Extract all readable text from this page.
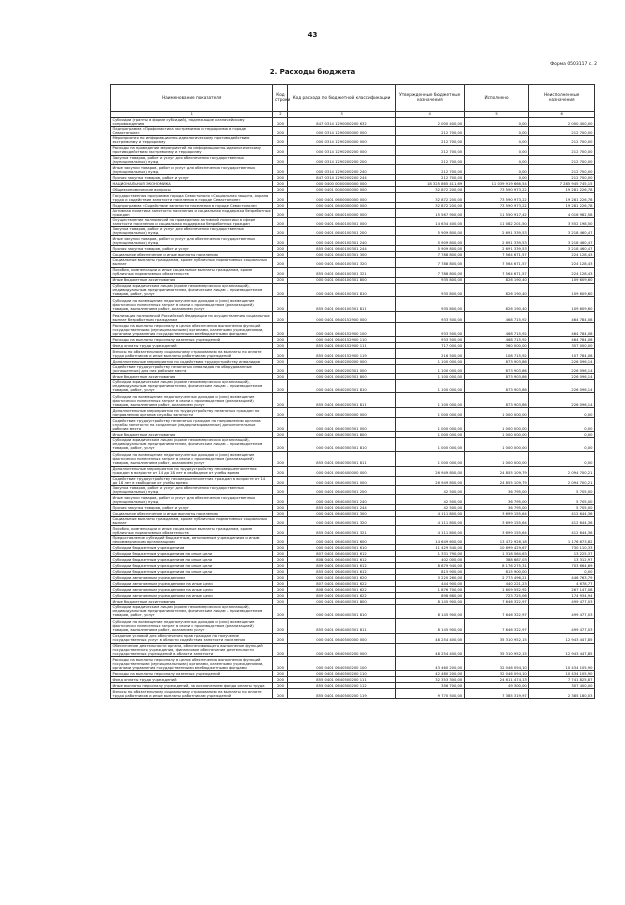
43
Форма 0503117 с. 2
2. Расходы бюджета
Наименование показателя	Код строки	Код расхода по бюджетной классификации	Утвержденные бюджетные назначения	Исполнено	Неисполненные назначения
1	2	3	4	5	6
Субсидии (гранты в форме субсидий), подлежащие казначейскому сопровождению	200	847 0314 1290000200 632	2 000 400,00	0,00	2 000 400,00
Подпрограмма «Профилактика экстремизма и терроризма в городе Севастополе»	200	000 0314 1290000000 000	212 700,00	0,00	212 700,00
Мероприятия по информационно-идеологическому противодействию экстремизму и терроризму	200	000 0314 1290200000 000	212 700,00	0,00	212 700,00
Расходы на проведение мероприятий по информационно-идеологическому противодействию экстремизму и терроризму	200	000 0314 1290200200 000	212 700,00	0,00	212 700,00
Закупка товаров, работ и услуг для обеспечения государственных (муниципальных) нужд	200	000 0314 1290200200 200	212 700,00	0,00	212 700,00
Иные закупки товаров, работ и услуг для обеспечения государственных (муниципальных) нужд	200	000 0314 1290200200 240	212 700,00	0,00	212 700,00
Прочая закупка товаров, работ и услуг	200	847 0314 1290200200 244	212 700,00	0,00	212 700,00
НАЦИОНАЛЬНАЯ ЭКОНОМИКА	200	000 0400 0000000000 000	18 325 865 411,69	11 039 919 666,54	7 285 945 745,15
Общеэкономические вопросы	200	000 0401 0000000000 000	32 872 200,00	73 590 973,22	19 281 226,78
Государственная программа города Севастополя «Социальная защита, охрана труда и содействие занятости населения в городе Севастополе»	200	000 0401 0600000000 000	32 872 200,00	73 590 973,22	19 281 226,78
Подпрограмма «Содействие занятости населения в городе Севастополе»	200	000 0401 0640000000 000	32 872 200,00	73 590 973,22	19 281 226,78
Активная политика занятости населения и социальная поддержка безработных граждан	200	000 0401 0640100000 000	15 567 900,00	11 550 917,42	4 016 982,58
Осуществление полномочий по проведению активной политики в сфере занятости населения и социальная поддержка безработных граждан	200	000 0401 0640100301 000	14 634 400,00	11 082 201,50	3 552 198,50
Закупка товаров, работ и услуг для обеспечения государственных (муниципальных) нужд	200	000 0401 0640100301 200	5 909 800,00	2 691 339,53	3 218 460,47
Иные закупки товаров, работ и услуг для обеспечения государственных (муниципальных) нужд	200	000 0401 0640100301 240	5 909 800,00	2 691 339,53	3 218 460,47
Прочая закупка товаров, работ и услуг	200	855 0401 0640100301 244	5 909 800,00	2 691 339,53	3 218 460,47
Социальное обеспечение и иные выплаты населению	200	000 0401 0640100301 300	7 788 800,00	7 564 671,57	224 128,43
Социальные выплаты гражданам, кроме публичных нормативных социальных выплат	200	000 0401 0640100301 320	7 788 800,00	7 564 671,57	224 128,43
Пособия, компенсации и иные социальные выплаты гражданам, кроме публичных нормативных обязательств	200	855 0401 0640100301 321	7 788 800,00	7 564 671,57	224 128,43
Иные бюджетные ассигнования	200	000 0401 0640100301 800	935 800,00	826 190,40	109 609,60
Субсидии юридическим лицам (кроме некоммерческих организаций), индивидуальным предпринимателям, физическим лицам – производителям товаров, работ, услуг	200	000 0401 0640100301 810	935 800,00	826 190,40	109 609,60
Субсидии на возмещение недополученных доходов и (или) возмещение фактически понесенных затрат в связи с производством (реализацией) товаров, выполнением работ, оказанием услуг	200	855 0401 0640100301 811	935 800,00	826 190,40	109 609,60
Реализация полномочий Российской Федерации по осуществлению социальных выплат безработным гражданам	200	000 0401 0640152900 000	933 500,00	468 715,92	464 784,08
Расходы на выплаты персоналу в целях обеспечения выполнения функций государственными (муниципальными) органами, казенными учреждениями, органами управления государственными внебюджетными фондами	200	000 0401 0640152900 100	933 500,00	468 715,92	464 784,08
Расходы на выплаты персоналу казенных учреждений	200	000 0401 0640152900 110	933 500,00	468 715,92	464 784,08
Фонд оплаты труда учреждений	200	855 0401 0640152900 111	717 000,00	360 000,00	357 000,00
Взносы по обязательному социальному страхованию на выплаты по оплате труда работников и иные выплаты работникам учреждений	200	855 0401 0640152900 119	216 500,00	108 715,92	107 784,08
Дополнительные мероприятия по содействию трудоустройству инвалидов	200	000 0401 0640200000 000	1 100 000,00	873 903,86	226 096,14
Содействие трудоустройству незанятых инвалидов на оборудованные (оснащенные) для них рабочие места	200	000 0401 0640200301 000	1 100 000,00	873 903,86	226 096,14
Иные бюджетные ассигнования	200	000 0401 0640200301 800	1 100 000,00	873 903,86	226 096,14
Субсидии юридическим лицам (кроме некоммерческих организаций), индивидуальным предпринимателям, физическим лицам – производителям товаров, работ, услуг	200	000 0401 0640200301 810	1 100 000,00	873 903,86	226 096,14
Субсидии на возмещение недополученных доходов и (или) возмещение фактически понесенных затрат в связи с производством (реализацией) товаров, выполнением работ, оказанием услуг	200	855 0401 0640200301 811	1 100 000,00	873 903,86	226 096,14
Дополнительные мероприятия по трудоустройству незанятых граждан по направлению органов службы занятости	200	000 0401 0640300000 000	1 000 000,00	1 000 000,00	0,00
Содействие трудоустройству незанятых граждан по направлению органов службы занятости на созданные (модернизированные) дополнительные рабочие места	200	000 0401 0640300301 000	1 000 000,00	1 000 000,00	0,00
Иные бюджетные ассигнования	200	000 0401 0640300301 800	1 000 000,00	1 000 000,00	0,00
Субсидии юридическим лицам (кроме некоммерческих организаций), индивидуальным предпринимателям, физическим лицам – производителям товаров, работ, услуг	200	000 0401 0640300301 810	1 000 000,00	1 000 000,00	0,00
Субсидии на возмещение недополученных доходов и (или) возмещение фактически понесенных затрат в связи с производством (реализацией) товаров, выполнением работ, оказанием услуг	200	855 0401 0640300301 811	1 000 000,00	1 000 000,00	0,00
Дополнительные мероприятия по трудоустройству несовершеннолетних граждан в возрасте от 14 до 18 лет в свободное от учебы время	200	000 0401 0640400000 000	26 949 800,00	24 855 109,79	2 094 700,21
Содействие трудоустройству несовершеннолетних граждан в возрасте от 14 до 18 лет в свободное от учебы время	200	000 0401 0640400301 000	26 949 800,00	24 855 109,79	2 094 700,21
Закупка товаров, работ и услуг для обеспечения государственных (муниципальных) нужд	200	000 0401 0640400301 200	42 500,00	36 795,00	5 705,00
Иные закупки товаров, работ и услуг для обеспечения государственных (муниципальных) нужд	200	000 0401 0640400301 240	42 500,00	36 795,00	5 705,00
Прочая закупка товаров, работ и услуг	200	855 0401 0640400301 244	42 500,00	36 795,00	5 705,00
Социальное обеспечение и иные выплаты населению	200	000 0401 0640400301 300	4 111 800,00	3 699 155,64	412 644,36
Социальные выплаты гражданам, кроме публичных нормативных социальных выплат	200	000 0401 0640400301 320	4 111 800,00	3 699 155,64	412 644,36
Пособия, компенсации и иные социальные выплаты гражданам, кроме публичных нормативных обязательств	200	855 0401 0640400301 321	4 111 800,00	3 699 155,64	412 644,36
Предоставление субсидий бюджетным, автономным учреждениям и иным некоммерческим организациям	200	000 0401 0640400301 600	14 649 600,00	13 472 926,18	1 176 673,82
Субсидии бюджетным учреждениям	200	000 0401 0640400301 610	11 429 540,00	10 699 429,67	730 110,33
Субсидии бюджетным учреждениям на иные цели	200	807 0401 0640400301 612	1 331 790,00	1 318 564,63	13 225,37
Субсидии бюджетным учреждениям на иные цели	200	808 0401 0640400301 612	402 000,00	388 687,03	13 312,97
Субсидии бюджетным учреждениям на иные цели	200	809 0401 0640400301 612	8 879 940,00	8 176 275,31	703 664,69
Субсидии бюджетным учреждениям на иные цели	200	855 0401 0640400301 612	815 900,00	815 900,00	0,00
Субсидии автономным учреждениям	200	000 0401 0640400301 620	3 220 260,00	2 773 496,21	446 763,79
Субсидии автономным учреждениям на иные цели	200	807 0401 0640400301 622	444 900,00	440 221,23	4 678,77
Субсидии автономным учреждениям на иные цели	200	808 0401 0640400301 622	1 876 700,00	1 609 552,92	267 147,08
Субсидии автономным учреждениям на иные цели	200	809 0401 0640400301 622	898 660,00	723 725,06	174 934,94
Иные бюджетные ассигнования	200	000 0401 0640400301 800	8 145 900,00	7 646 322,97	499 477,03
Субсидии юридическим лицам (кроме некоммерческих организаций), индивидуальным предпринимателям, физическим лицам – производителям товаров, работ, услуг	200	000 0401 0640400301 810	8 145 900,00	7 646 322,97	499 477,03
Субсидии на возмещение недополученных доходов и (или) возмещение фактически понесенных затрат в связи с производством (реализацией) товаров, выполнением работ, оказанием услуг	200	855 0401 0640400301 811	8 145 900,00	7 646 322,97	499 477,03
Создание условий для обеспечения прав граждан на получение государственных услуг в области содействия занятости населения	200	000 0401 0640500000 000	48 254 400,00	35 310 952,15	12 943 447,85
Обеспечение деятельности органа, обеспечивающего выполнение функций государственного учреждения, финансовое обеспечение деятельности государственных учреждений в области занятости	200	000 0401 0640500200 000	48 254 400,00	35 310 952,15	12 943 447,85
Расходы на выплаты персоналу в целях обеспечения выполнения функций государственными (муниципальными) органами, казенными учреждениями, органами управления государственными внебюджетными фондами	200	000 0401 0640500200 100	43 460 200,00	32 046 094,10	10 434 105,90
Расходы на выплаты персоналу казенных учреждений	200	000 0401 0640500200 110	42 480 200,00	32 046 094,10	10 434 105,90
Фонд оплаты труда учреждений	200	855 0401 0640500200 111	32 353 300,00	24 611 474,13	7 741 825,87
Иные выплаты персоналу учреждений, за исключением фонда оплаты труда	200	855 0401 0640500200 112	356 700,00	49 300,00	307 400,00
Взносы по обязательному социальному страхованию на выплаты по оплате труда работников и иные выплаты работникам учреждений	200	855 0401 0640500200 119	9 770 500,00	7 385 319,97	2 385 180,03
